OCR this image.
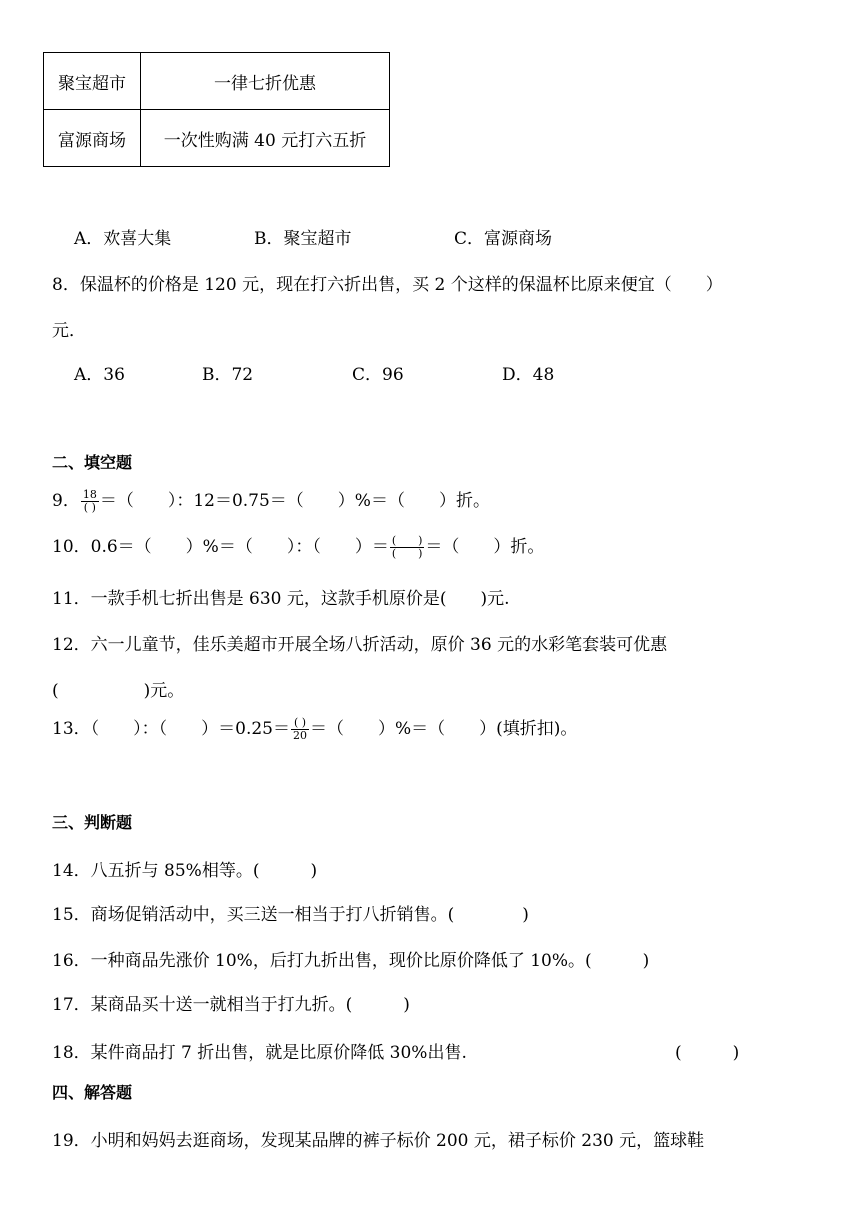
聚宝超市	一律七折优惠
富源商场	一次性购满 40 元打六五折
A．欢喜大集	B．聚宝超市	C．富源商场
8．保温杯的价格是 120 元，现在打六折出售，买 2 个这样的保温杯比原来便宜（　　）
元．
A．36	B．72	C．96	D．48
二、填空题
9． $\frac{18}{( )}$ ＝（　　）：12＝0.75＝（　　）%＝（　　）折。
10．0.6＝（　　）%＝（　　）：（　　）＝ $\frac{( )}{( )}$ ＝（　　）折。
11．一款手机七折出售是 630 元，这款手机原价是(　　)元.
12．六一儿童节，佳乐美超市开展全场八折活动，原价 36 元的水彩笔套装可优惠
(　　　　　)元。
13．（　　）：（　　）$=0.25= \frac{( )}{20}$ ＝（　　）%＝（　　）(填折扣)。
三、判断题
14．八五折与 85%相等。(　　　)
15．商场促销活动中，买三送一相当于打八折销售。(　　　　)
16．一种商品先涨价 10%，后打九折出售，现价比原价降低了 10%。(　　　)
17．某商品买十送一就相当于打九折。(　　　)
18．某件商品打 7 折出售，就是比原价降低 30%出售.	(　　　)
四、解答题
19．小明和妈妈去逛商场，发现某品牌的裤子标价 200 元，裙子标价 230 元，篮球鞋
